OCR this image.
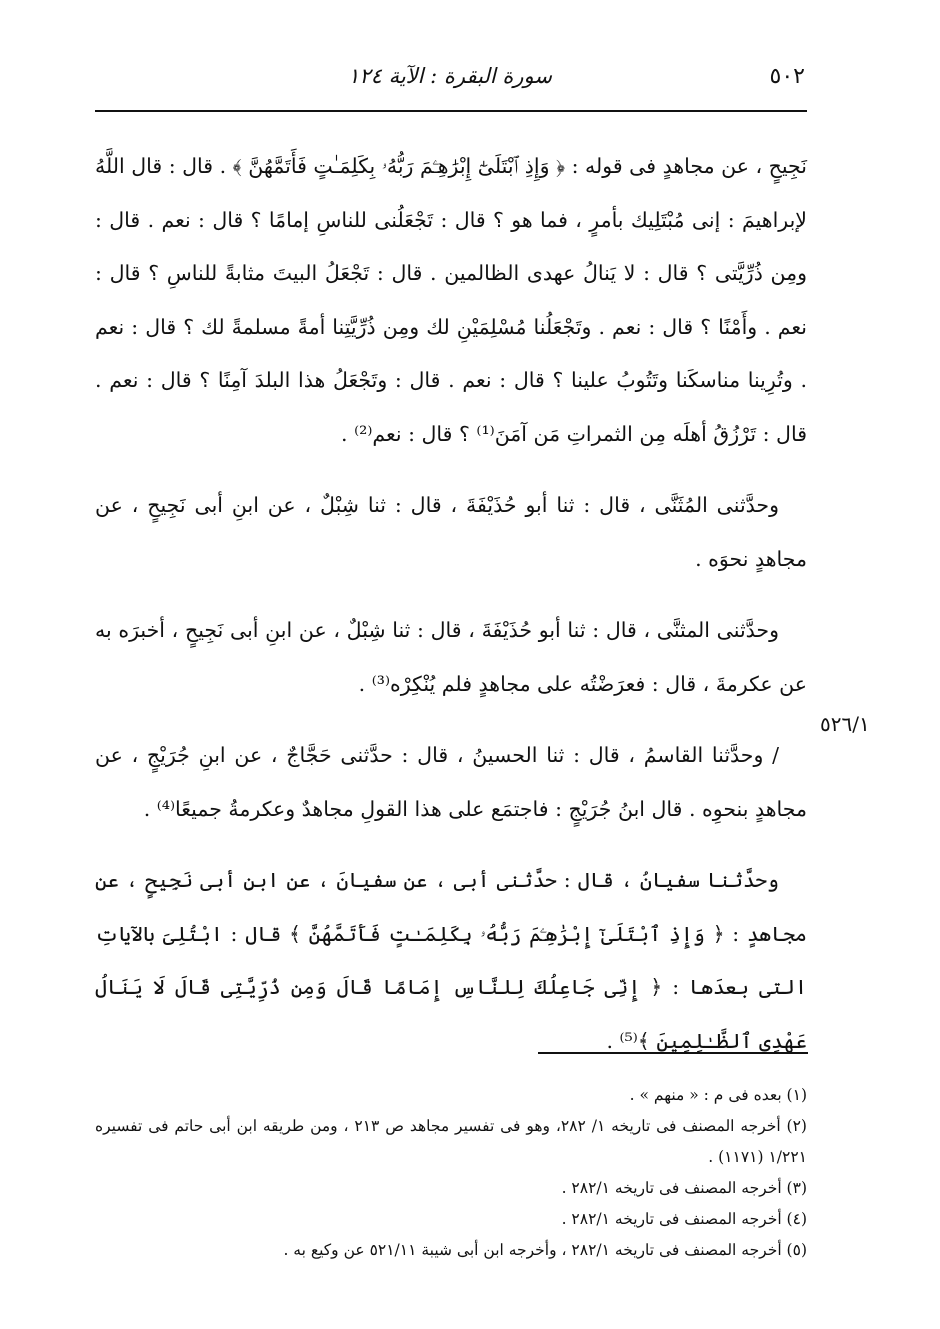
٥٠٢
سورة البقرة : الآية ١٢٤
٥٢٦/١

نَجِيحٍ ، عن مجاهدٍ فى قوله : ﴿ وَإِذِ ٱبْتَلَىٰٓ إِبْرَٰهِـۧمَ رَبُّهُۥ بِكَلِمَـٰتٍ فَأَتَمَّهُنَّ ﴾ . قال : قال اللَّهُ لإبراهيمَ : إنى مُبْتَلِيك بأمرٍ ، فما هو ؟ قال : تَجْعَلُنى للناسِ إمامًا ؟ قال : نعم . قال : ومِن ذُرِّيَّتى ؟ قال : لا يَنالُ عهدى الظالمين . قال : تَجْعَلُ البيتَ مثابةً للناسِ ؟ قال : نعم . وأَمْنًا ؟ قال : نعم . وتَجْعَلُنا مُسْلِمَيْنِ لك ومِن ذُرِّيَّتِنا أمةً مسلمةً لك ؟ قال : نعم . وتُرِينا مناسكَنا وتَتُوبُ علينا ؟ قال : نعم . قال : وتَجْعَلُ هذا البلدَ آمِنًا ؟ قال : نعم . قال : تَرْزُقُ أهلَه مِن الثمراتِ مَن آمَنَ⁽¹⁾ ؟ قال : نعم⁽²⁾ .

وحدَّثنى المُثَنَّى ، قال : ثنا أبو حُذَيْفَةَ ، قال : ثنا شِبْلٌ ، عن ابنِ أبى نَجِيحٍ ، عن مجاهدٍ نحوَه .

وحدَّثنى المثنَّى ، قال : ثنا أبو حُذَيْفَةَ ، قال : ثنا شِبْلٌ ، عن ابنِ أبى نَجِيحٍ ، أخبرَه به عن عكرمةَ ، قال : فعرَضْتُه على مجاهدٍ فلم يُنْكِرْه⁽³⁾ .

/ وحدَّثنا القاسمُ ، قال : ثنا الحسينُ ، قال : حدَّثنى حَجَّاجٌ ، عن ابنِ جُرَيْجٍ ، عن مجاهدٍ بنحوِه . قال ابنُ جُرَيْجٍ : فاجتمَع على هذا القولِ مجاهدٌ وعكرمةُ جميعًا⁽⁴⁾ .

وحدَّثنا سفيانُ ، قال : حدَّثنى أبى ، عن سفيانَ ، عن ابنِ أبى نَجِيحٍ ، عن مجاهدٍ : ﴿ وَإِذِ ٱبْتَلَىٰٓ إِبْرَٰهِـۧمَ رَبُّهُۥ بِكَلِمَـٰتٍ فَأَتَمَّهُنَّ ﴾ قال : ابْتُلِىَ بالآياتِ التى بعدَها : ﴿ إِنِّى جَاعِلُكَ لِلنَّاسِ إِمَامًا قَالَ وَمِن ذُرِّيَّتِى قَالَ لَا يَنَالُ عَهْدِى ٱلظَّـٰلِمِينَ ﴾⁽⁵⁾ .

(١) بعده فى م : « منهم » .

(٢) أخرجه المصنف فى تاريخه ١/ ٢٨٢، وهو فى تفسير مجاهد ص ٢١٣ ، ومن طريقه ابن أبى حاتم فى تفسيره ١/٢٢١ (١١٧١) .

(٣) أخرجه المصنف فى تاريخه ٢٨٢/١ .

(٤) أخرجه المصنف فى تاريخه ٢٨٢/١ .

(٥) أخرجه المصنف فى تاريخه ٢٨٢/١ ، وأخرجه ابن أبى شيبة ٥٢١/١١ عن وكيع به .
